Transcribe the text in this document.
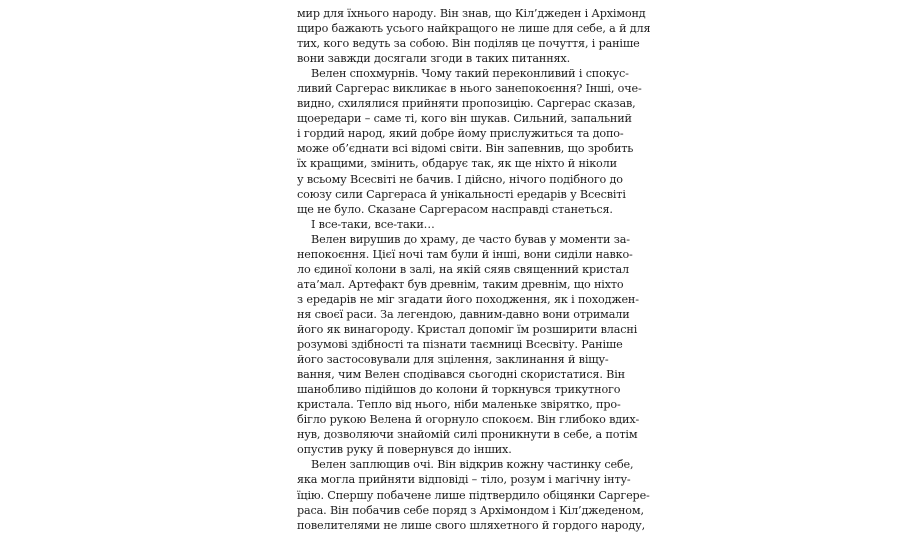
мир для їхнього народу. Він знав, що Кіл’джеден і Архімонд
щиро бажають усього найкращого не лише для себе, а й для
тих, кого ведуть за собою. Він поділяв це почуття, і раніше
вони завжди досягали згоди в таких питаннях.

Велен спохмурнів. Чому такий переконливий і спокус-
ливий Саргерас викликає в нього занепокоєння? Інші, оче-
видно, схилялися прийняти пропозицію. Саргерас сказав,
щоередари – саме ті, кого він шукав. Сильний, запальний
і гордий народ, який добре йому прислужиться та допо-
може об’єднати всі відомі світи. Він запевнив, що зробить
їх кращими, змінить, обдарує так, як ще ніхто й ніколи
у всьому Всесвіті не бачив. І дійсно, нічого подібного до
союзу сили Саргераса й унікальності ередарів у Всесвіті
ще не було. Сказане Саргерасом насправді станеться.

І все-таки, все-таки…

Велен вирушив до храму, де часто бував у моменти за-
непокоєння. Цієї ночі там були й інші, вони сиділи навко-
ло єдиної колони в залі, на якій сяяв священний кристал
ата’мал. Артефакт був древнім, таким древнім, що ніхто
з ередарів не міг згадати його походження, як і походжен-
ня своєї раси. За легендою, давним-давно вони отримали
його як винагороду. Кристал допоміг їм розширити власні
розумові здібності та пізнати таємниці Всесвіту. Раніше
його застосовували для зцілення, заклинання й віщу-
вання, чим Велен сподівався сьогодні скористатися. Він
шанобливо підійшов до колони й торкнувся трикутного
кристала. Тепло від нього, ніби маленьке звірятко, про-
бігло рукою Велена й огорнуло спокоєм. Він глибоко вдих-
нув, дозволяючи знайомій силі проникнути в себе, а потім
опустив руку й повернувся до інших.

Велен заплющив очі. Він відкрив кожну частинку себе,
яка могла прийняти відповіді – тіло, розум і магічну інту-
їцію. Спершу побачене лише підтвердило обіцянки Саргере-
раса. Він побачив себе поряд з Архімондом і Кіл’джеденом,
повелителями не лише свого шляхетного й гордого народу,
